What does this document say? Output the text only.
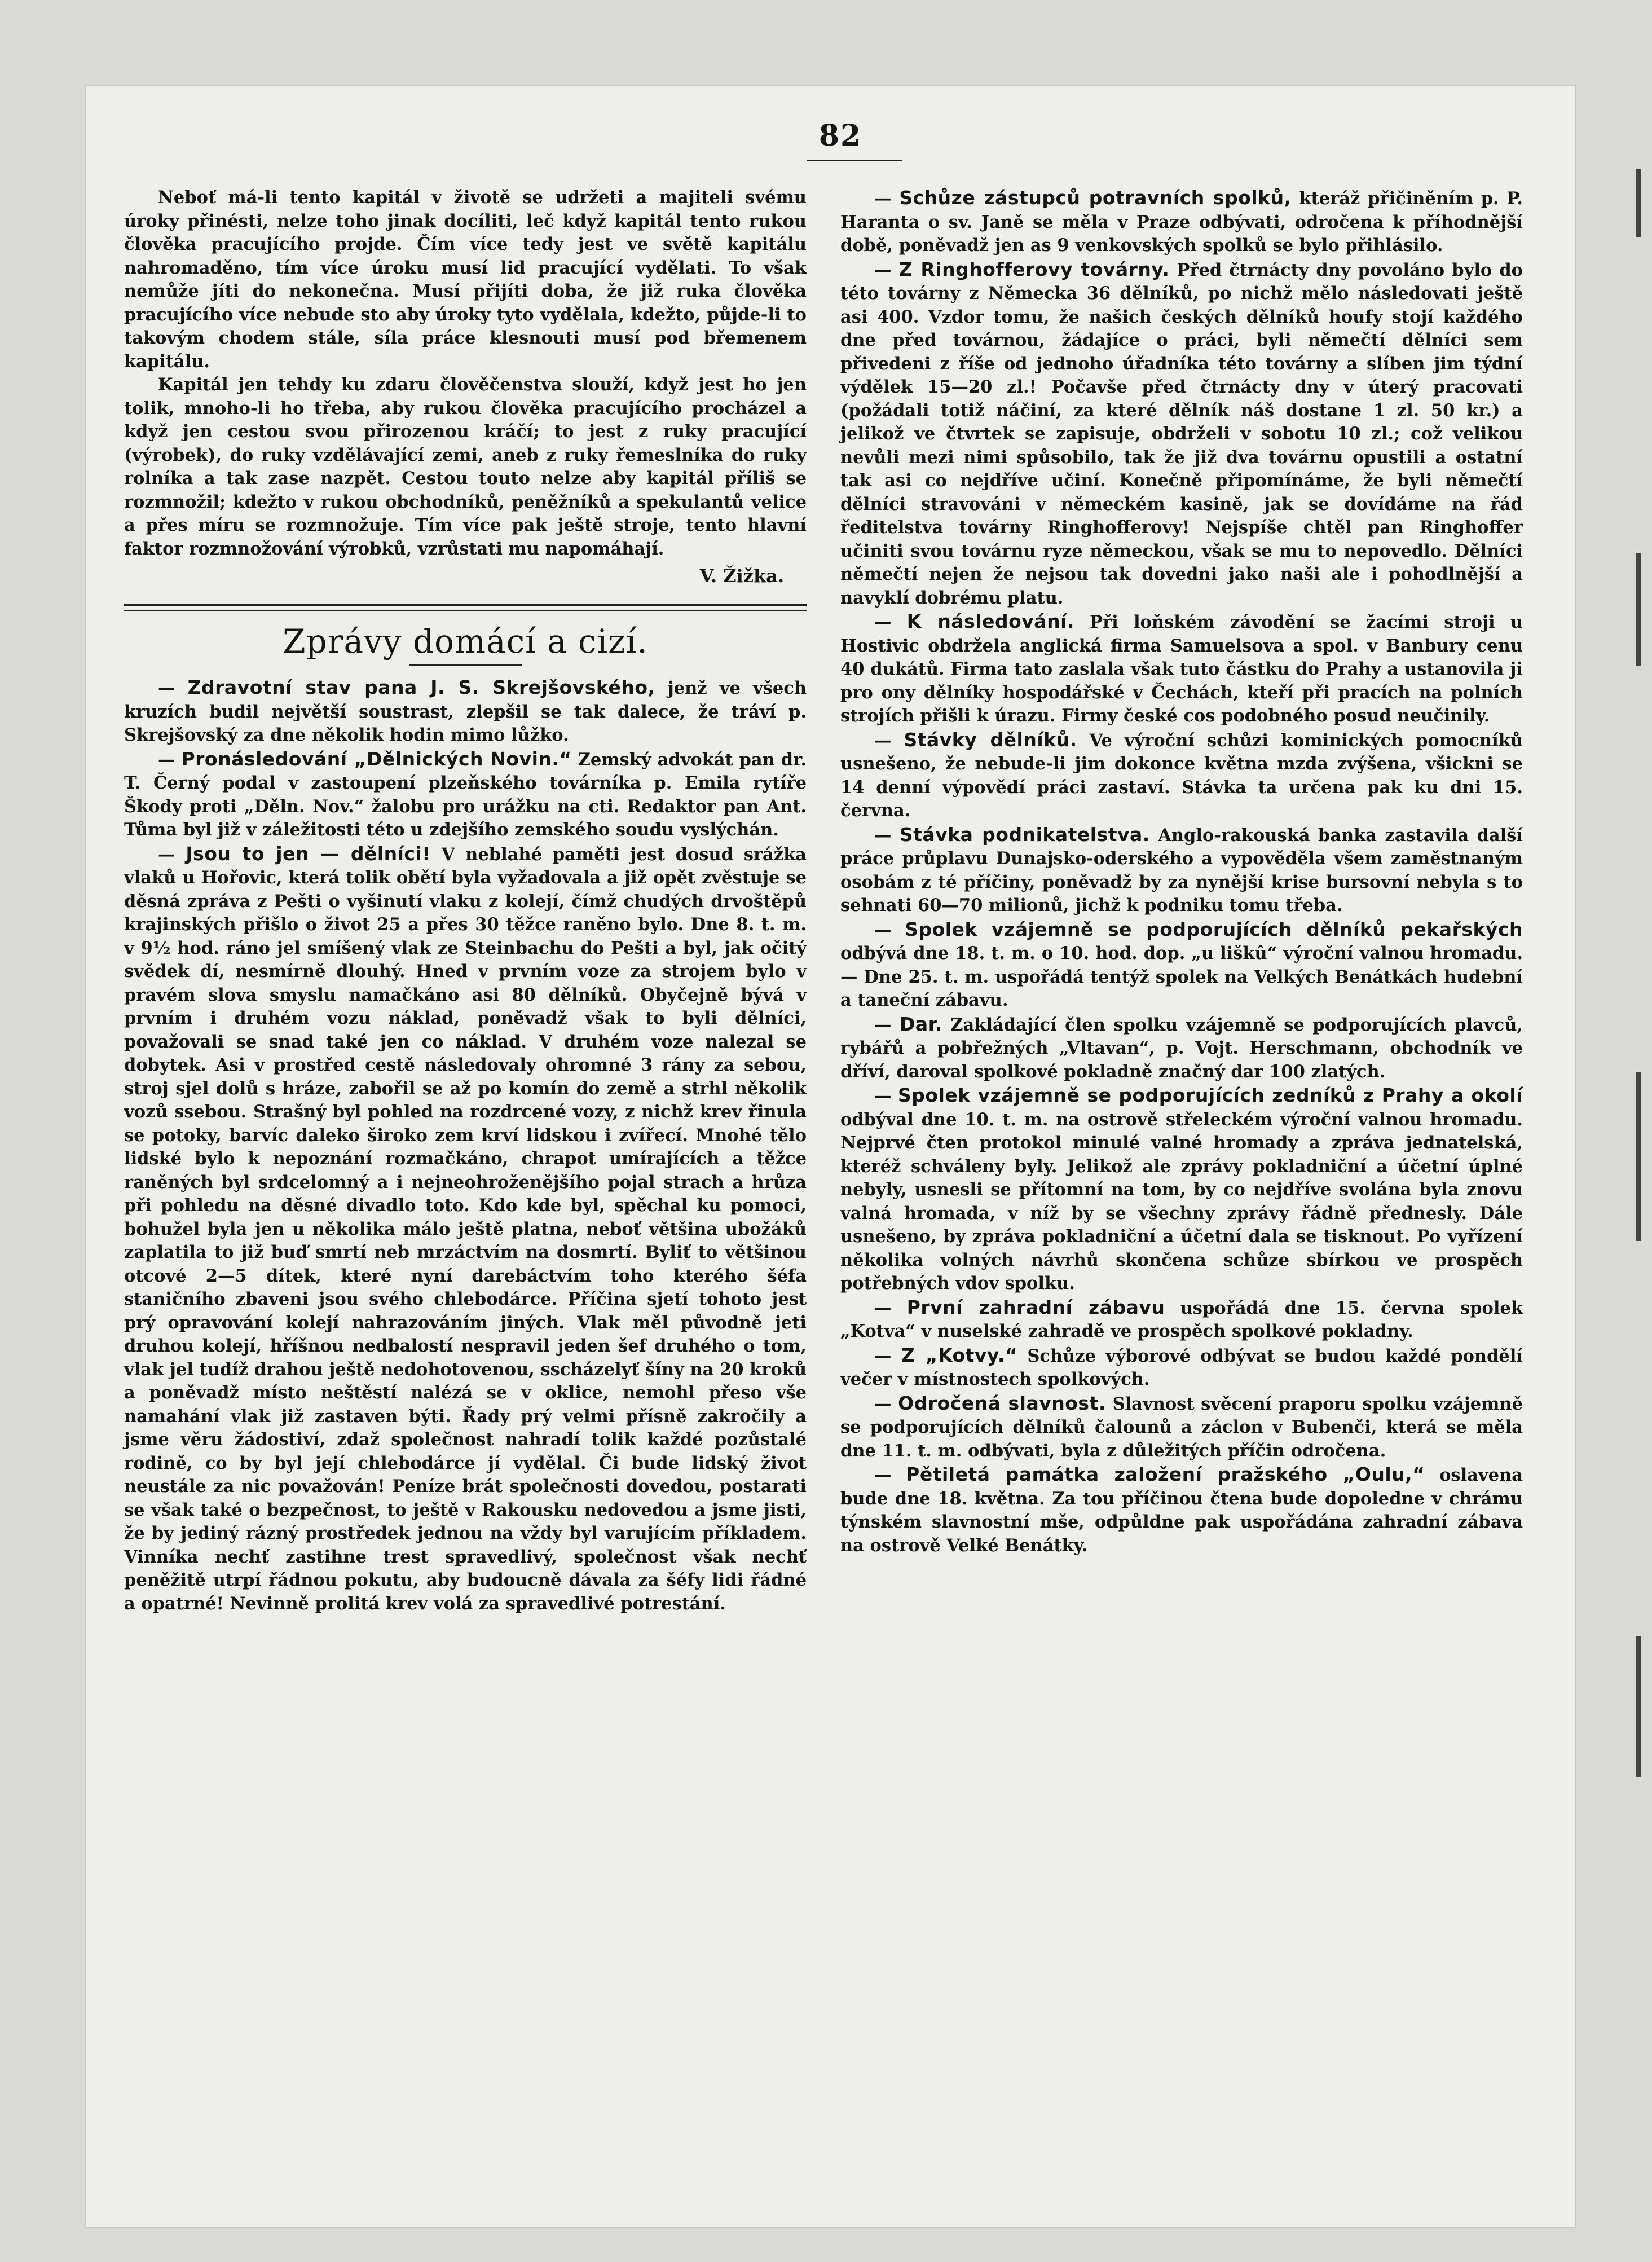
82

Neboť má-li tento kapitál v životě se udržeti a majiteli svému úroky přinésti, nelze toho jinak docíliti, leč když kapitál tento rukou člověka pracujícího projde. Čím více tedy jest ve světě kapitálu nahromaděno, tím více úroku musí lid pracující vydělati. To však nemůže jíti do nekonečna. Musí přijíti doba, že již ruka člověka pracujícího více nebude sto aby úroky tyto vydělala, kdežto, půjde-li to takovým chodem stále, síla práce klesnouti musí pod břemenem kapitálu.

Kapitál jen tehdy ku zdaru člověčenstva slouží, když jest ho jen tolik, mnoho-li ho třeba, aby rukou člověka pracujícího procházel a když jen cestou svou přirozenou kráčí; to jest z ruky pracující (výrobek), do ruky vzdělávající zemi, aneb z ruky řemeslníka do ruky rolníka a tak zase nazpět. Cestou touto nelze aby kapitál příliš se rozmnožil; kdežto v rukou obchodníků, peněžníků a spekulantů velice a přes míru se rozmnožuje. Tím více pak ještě stroje, tento hlavní faktor rozmnožování výrobků, vzrůstati mu napomáhají.

V. Žižka.
Zprávy domácí a cizí.

— Zdravotní stav pana J. S. Skrejšovského, jenž ve všech kruzích budil největší soustrast, zlepšil se tak dalece, že tráví p. Skrejšovský za dne několik hodin mimo lůžko.

— Pronásledování „Dělnických Novin.“ Zemský advokát pan dr. T. Černý podal v zastoupení plzeňského továrníka p. Emila rytíře Škody proti „Děln. Nov.“ žalobu pro urážku na cti. Redaktor pan Ant. Tůma byl již v záležitosti této u zdejšího zemského soudu vyslýchán.

— Jsou to jen — dělníci! V neblahé paměti jest dosud srážka vlaků u Hořovic, která tolik obětí byla vyžadovala a již opět zvěstuje se děsná zpráva z Pešti o vyšinutí vlaku z kolejí, čímž chudých drvoštěpů krajinských přišlo o život 25 a přes 30 těžce raněno bylo. Dne 8. t. m. v 9½ hod. ráno jel smíšený vlak ze Steinbachu do Pešti a byl, jak očitý svědek dí, nesmírně dlouhý. Hned v prvním voze za strojem bylo v pravém slova smyslu namačkáno asi 80 dělníků. Obyčejně bývá v prvním i druhém vozu náklad, poněvadž však to byli dělníci, považovali se snad také jen co náklad. V druhém voze nalezal se dobytek. Asi v prostřed cestě následovaly ohromné 3 rány za sebou, stroj sjel dolů s hráze, zabořil se až po komín do země a strhl několik vozů ssebou. Strašný byl pohled na rozdrcené vozy, z nichž krev řinula se potoky, barvíc daleko široko zem krví lidskou i zvířecí. Mnohé tělo lidské bylo k nepoznání rozmačkáno, chrapot umírajících a těžce raněných byl srdcelomný a i nejneohroženějšího pojal strach a hrůza při pohledu na děsné divadlo toto. Kdo kde byl, spěchal ku pomoci, bohužel byla jen u několika málo ještě platna, neboť většina ubožáků zaplatila to již buď smrtí neb mrzáctvím na dosmrtí. Byliť to většinou otcové 2—5 dítek, které nyní darebáctvím toho kterého šéfa staničního zbaveni jsou svého chlebodárce. Příčina sjetí tohoto jest prý opravování kolejí nahrazováním jiných. Vlak měl původně jeti druhou kolejí, hříšnou nedbalostí nespravil jeden šef druhého o tom, vlak jel tudíž drahou ještě nedohotovenou, sscházelyť šíny na 20 kroků a poněvadž místo neštěstí nalézá se v oklice, nemohl přeso vše namahání vlak již zastaven býti. Řady prý velmi přísně zakročily a jsme věru žádostiví, zdaž společnost nahradí tolik každé pozůstalé rodině, co by byl její chlebodárce jí vydělal. Či bude lidský život neustále za nic považován! Peníze brát společnosti dovedou, postarati se však také o bezpečnost, to ještě v Rakousku nedovedou a jsme jisti, že by jediný rázný prostředek jednou na vždy byl varujícím příkladem. Vinníka nechť zastihne trest spravedlivý, společnost však nechť peněžitě utrpí řádnou pokutu, aby budoucně dávala za šéfy lidi řádné a opatrné! Nevinně prolitá krev volá za spravedlivé potrestání.

— Schůze zástupců potravních spolků, kteráž přičiněním p. P. Haranta o sv. Janě se měla v Praze odbývati, odročena k příhodnější době, poněvadž jen as 9 venkovských spolků se bylo přihlásilo.

— Z Ringhofferovy továrny. Před čtrnácty dny povoláno bylo do této továrny z Německa 36 dělníků, po nichž mělo následovati ještě asi 400. Vzdor tomu, že našich českých dělníků houfy stojí každého dne před továrnou, žádajíce o práci, byli němečtí dělníci sem přivedeni z říše od jednoho úřadníka této továrny a slíben jim týdní výdělek 15—20 zl.! Počavše před čtrnácty dny v úterý pracovati (požádali totiž náčiní, za které dělník náš dostane 1 zl. 50 kr.) a jelikož ve čtvrtek se zapisuje, obdrželi v sobotu 10 zl.; což velikou nevůli mezi nimi spůsobilo, tak že již dva továrnu opustili a ostatní tak asi co nejdříve učiní. Konečně připomínáme, že byli němečtí dělníci stravováni v německém kasině, jak se dovídáme na řád ředitelstva továrny Ringhofferovy! Nejspíše chtěl pan Ringhoffer učiniti svou továrnu ryze německou, však se mu to nepovedlo. Dělníci němečtí nejen že nejsou tak dovedni jako naši ale i pohodlnější a navyklí dobrému platu.

— K následování. Při loňském závodění se žacími stroji u Hostivic obdržela anglická firma Samuelsova a spol. v Banbury cenu 40 dukátů. Firma tato zaslala však tuto částku do Prahy a ustanovila ji pro ony dělníky hospodářské v Čechách, kteří při pracích na polních strojích přišli k úrazu. Firmy české cos podobného posud neučinily.

— Stávky dělníků. Ve výroční schůzi kominických pomocníků usnešeno, že nebude-li jim dokonce května mzda zvýšena, všickni se 14 denní výpovědí práci zastaví. Stávka ta určena pak ku dni 15. června.

— Stávka podnikatelstva. Anglo-rakouská banka zastavila další práce průplavu Dunajsko-oderského a vypověděla všem zaměstnaným osobám z té příčiny, poněvadž by za nynější krise bursovní nebyla s to sehnati 60—70 milionů, jichž k podniku tomu třeba.

— Spolek vzájemně se podporujících dělníků pekařských odbývá dne 18. t. m. o 10. hod. dop. „u liškû“ výroční valnou hromadu. — Dne 25. t. m. uspořádá tentýž spolek na Velkých Benátkách hudební a taneční zábavu.

— Dar. Zakládající člen spolku vzájemně se podporujících plavců, rybářů a pobřežných „Vltavan“, p. Vojt. Herschmann, obchodník ve dříví, daroval spolkové pokladně značný dar 100 zlatých.

— Spolek vzájemně se podporujících zedníků z Prahy a okolí odbýval dne 10. t. m. na ostrově střeleckém výroční valnou hromadu. Nejprvé čten protokol minulé valné hromady a zpráva jednatelská, kteréž schváleny byly. Jelikož ale zprávy pokladniční a účetní úplné nebyly, usnesli se přítomní na tom, by co nejdříve svolána byla znovu valná hromada, v níž by se všechny zprávy řádně přednesly. Dále usnešeno, by zpráva pokladniční a účetní dala se tisknout. Po vyřízení několika volných návrhů skončena schůze sbírkou ve prospěch potřebných vdov spolku.

— První zahradní zábavu uspořádá dne 15. června spolek „Kotva“ v nuselské zahradě ve prospěch spolkové pokladny.

— Z „Kotvy.“ Schůze výborové odbývat se budou každé pondělí večer v místnostech spolkových.

— Odročená slavnost. Slavnost svěcení praporu spolku vzájemně se podporujících dělníků čalounů a záclon v Bubenči, která se měla dne 11. t. m. odbývati, byla z důležitých příčin odročena.

— Pětiletá památka založení pražského „Oulu,“ oslavena bude dne 18. května. Za tou příčinou čtena bude dopoledne v chrámu týnském slavnostní mše, odpůldne pak uspořádána zahradní zábava na ostrově Velké Benátky.
